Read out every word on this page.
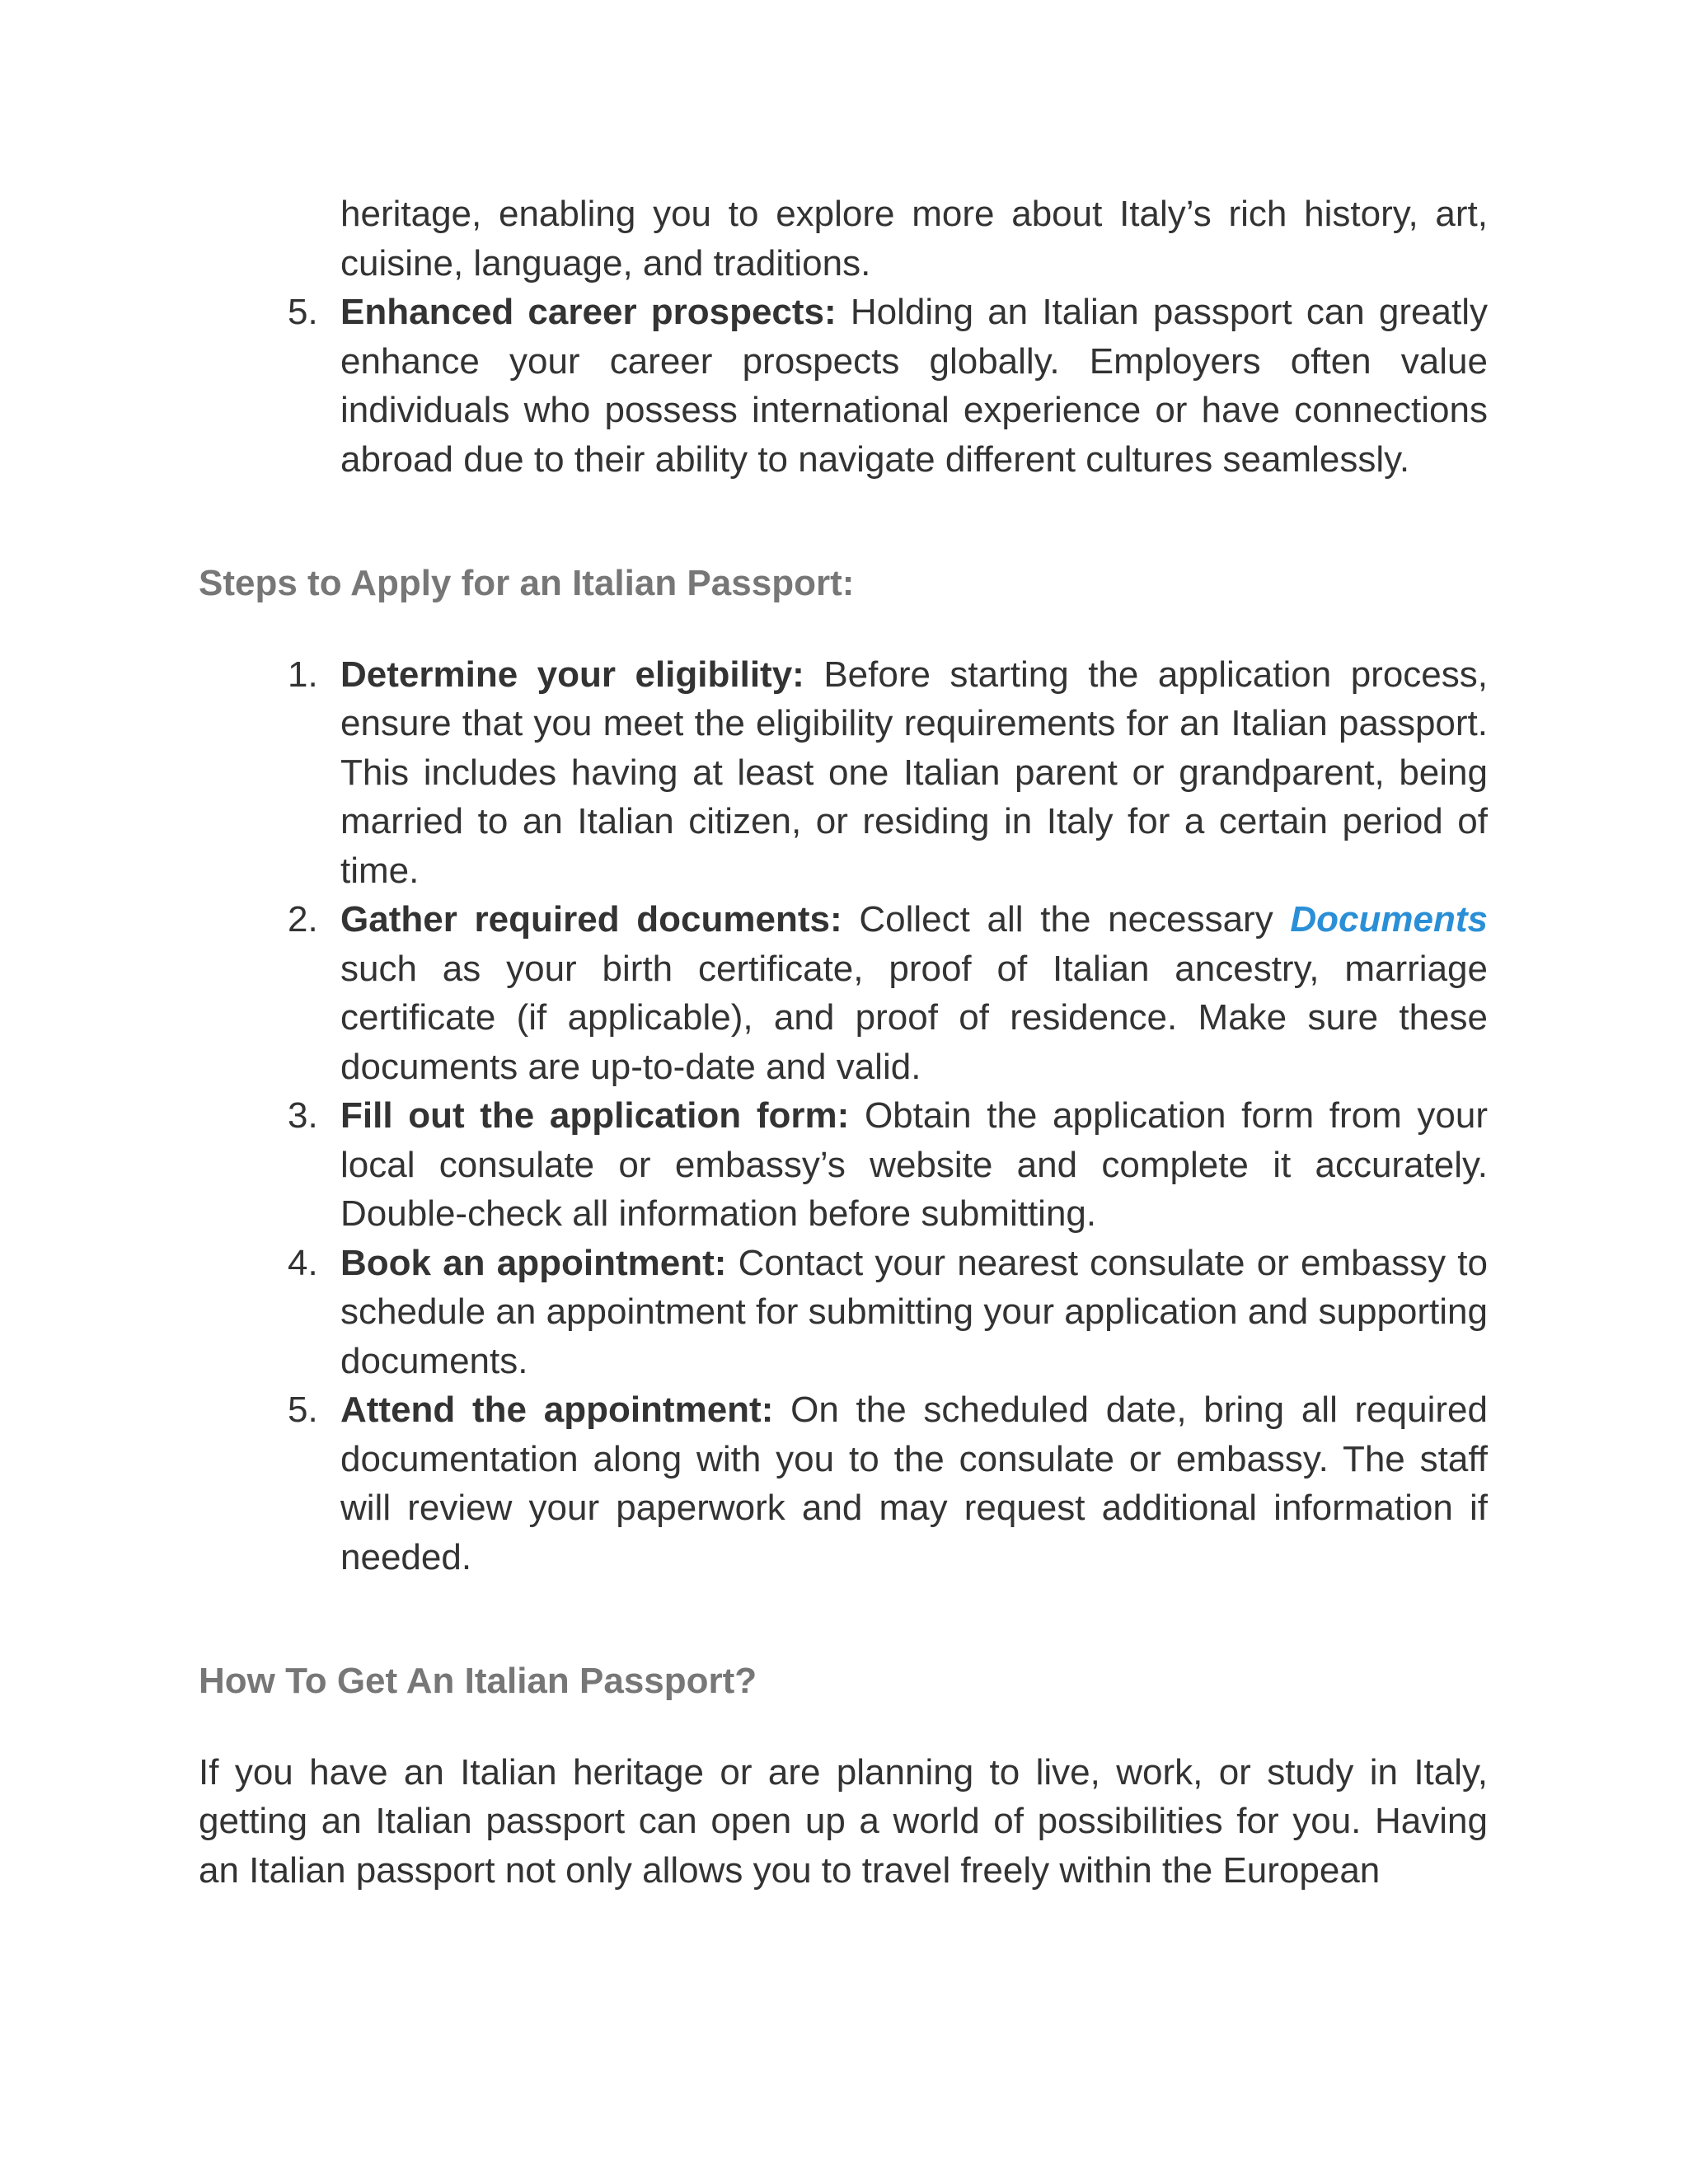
heritage, enabling you to explore more about Italy’s rich history, art, cuisine, language, and traditions.
5. Enhanced career prospects: Holding an Italian passport can greatly enhance your career prospects globally. Employers often value individuals who possess international experience or have connections abroad due to their ability to navigate different cultures seamlessly.
Steps to Apply for an Italian Passport:
1. Determine your eligibility: Before starting the application process, ensure that you meet the eligibility requirements for an Italian passport. This includes having at least one Italian parent or grandparent, being married to an Italian citizen, or residing in Italy for a certain period of time.
2. Gather required documents: Collect all the necessary Documents such as your birth certificate, proof of Italian ancestry, marriage certificate (if applicable), and proof of residence. Make sure these documents are up-to-date and valid.
3. Fill out the application form: Obtain the application form from your local consulate or embassy’s website and complete it accurately. Double-check all information before submitting.
4. Book an appointment: Contact your nearest consulate or embassy to schedule an appointment for submitting your application and supporting documents.
5. Attend the appointment: On the scheduled date, bring all required documentation along with you to the consulate or embassy. The staff will review your paperwork and may request additional information if needed.
How To Get An Italian Passport?

If you have an Italian heritage or are planning to live, work, or study in Italy, getting an Italian passport can open up a world of possibilities for you. Having an Italian passport not only allows you to travel freely within the European
